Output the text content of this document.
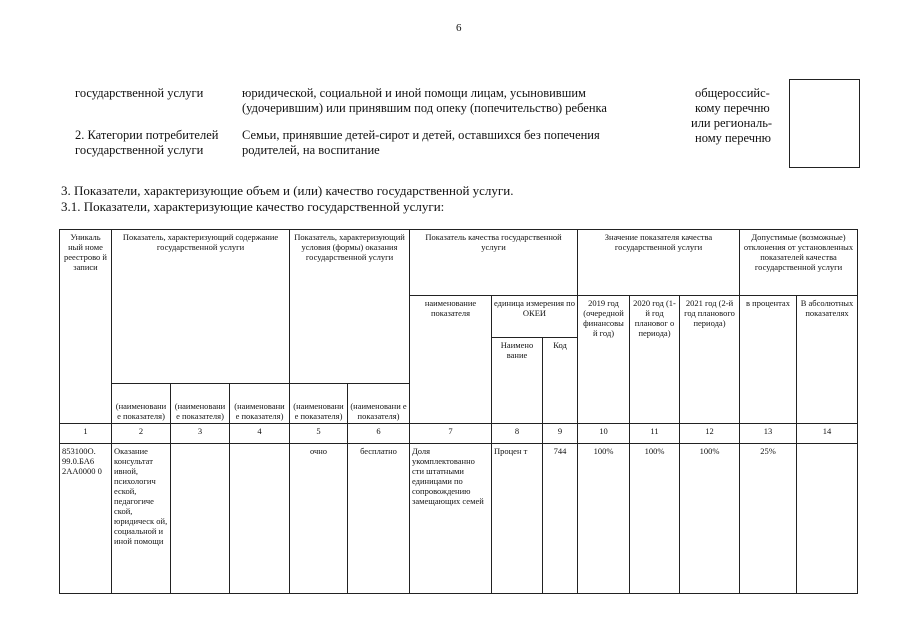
6
государственной услуги	юридической, социальной и иной помощи лицам, усыновившим
(удочерившим) или принявшим под опеку (попечительство) ребенка
2. Категории потребителей
государственной услуги
Семьи, принявшие детей-сирот и детей, оставшихся без попечения
родителей, на воспитание
общероссийс-
кому перечню
или региональ-
ному перечню
3. Показатели, характеризующие объем и (или) качество государственной услуги.
3.1. Показатели, характеризующие качество государственной услуги:
Уникаль ный номе реестрово й записи	Показатель, характеризующий содержание государственной услуги			Показатель, характеризующий условия (формы) оказания государственной услуги		Показатель качества государственной услуги			Значение показателя качества государственной услуги			Допустимые (возможные) отклонения от установленных показателей качества государственной услуги	
						наименование показателя	единица измерения по ОКЕИ		2019 год (очередной финансовы й год)	2020 год (1-й год плановог о периода)	2021 год (2-й год планового периода)	в процентах	В абсолютных показателях
							Наимено вание	Код					
	(наименовани е показателя)	(наименовани е показателя)	(наименовани е показателя)	(наименовани е показателя)	(наименовани е показателя)								
1	2	3	4	5	6	7	8	9	10	11	12	13	14
853100О. 99.0.БА6 2АА0000 0	Оказание консультат ивной, психологич еской, педагогиче ской, юридическ ой, социальной и иной помощи			очно	бесплатно	Доля укомплектованно сти штатными единицами по сопровождению замещающих семей	Процен т	744	100%	100%	100%	25%	
